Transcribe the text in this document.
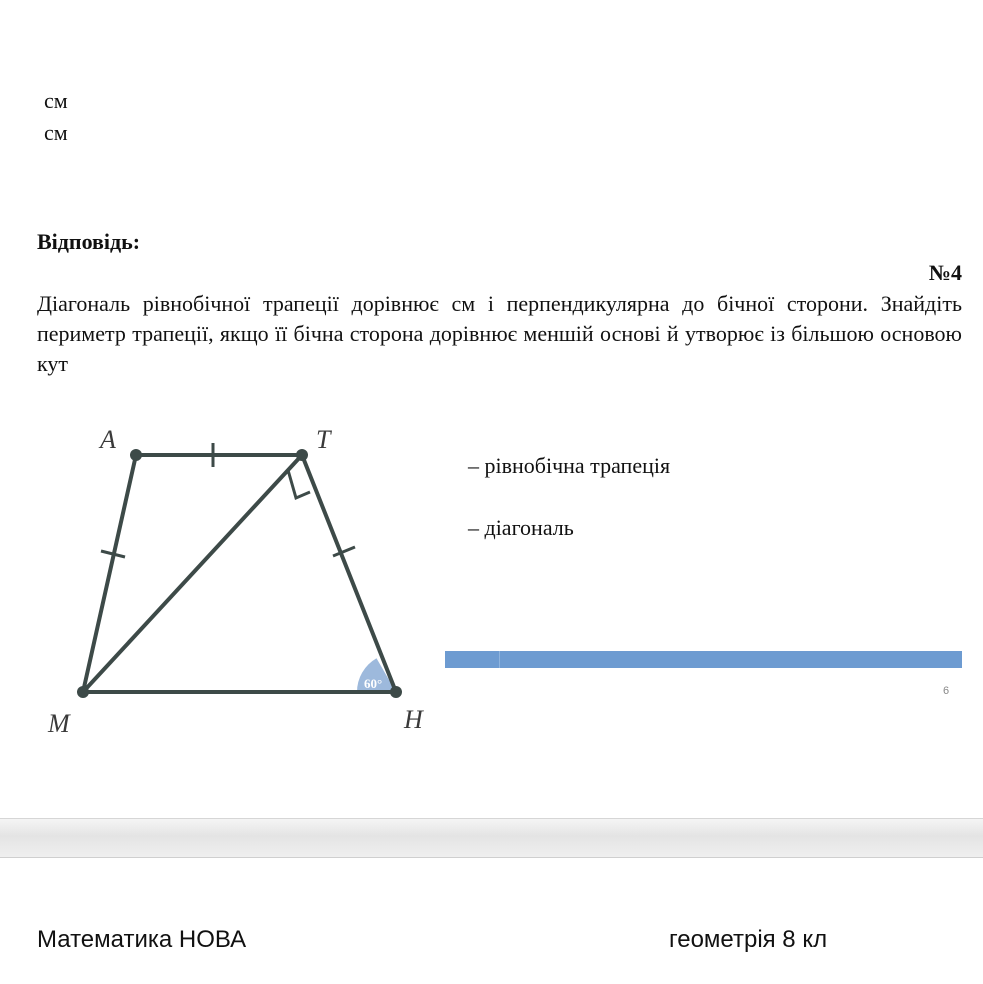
см
см
Відповідь:
№4
Діагональ рівнобічної трапеції дорівнює см і перпендикулярна до бічної сторони. Знайдіть периметр трапеції, якщо її бічна сторона дорівнює меншій основі й утворює із більшою основою кут
60°
A	T
M	H
– рівнобічна трапеція
– діагональ
6
Математика НОВА	геометрія 8 кл
